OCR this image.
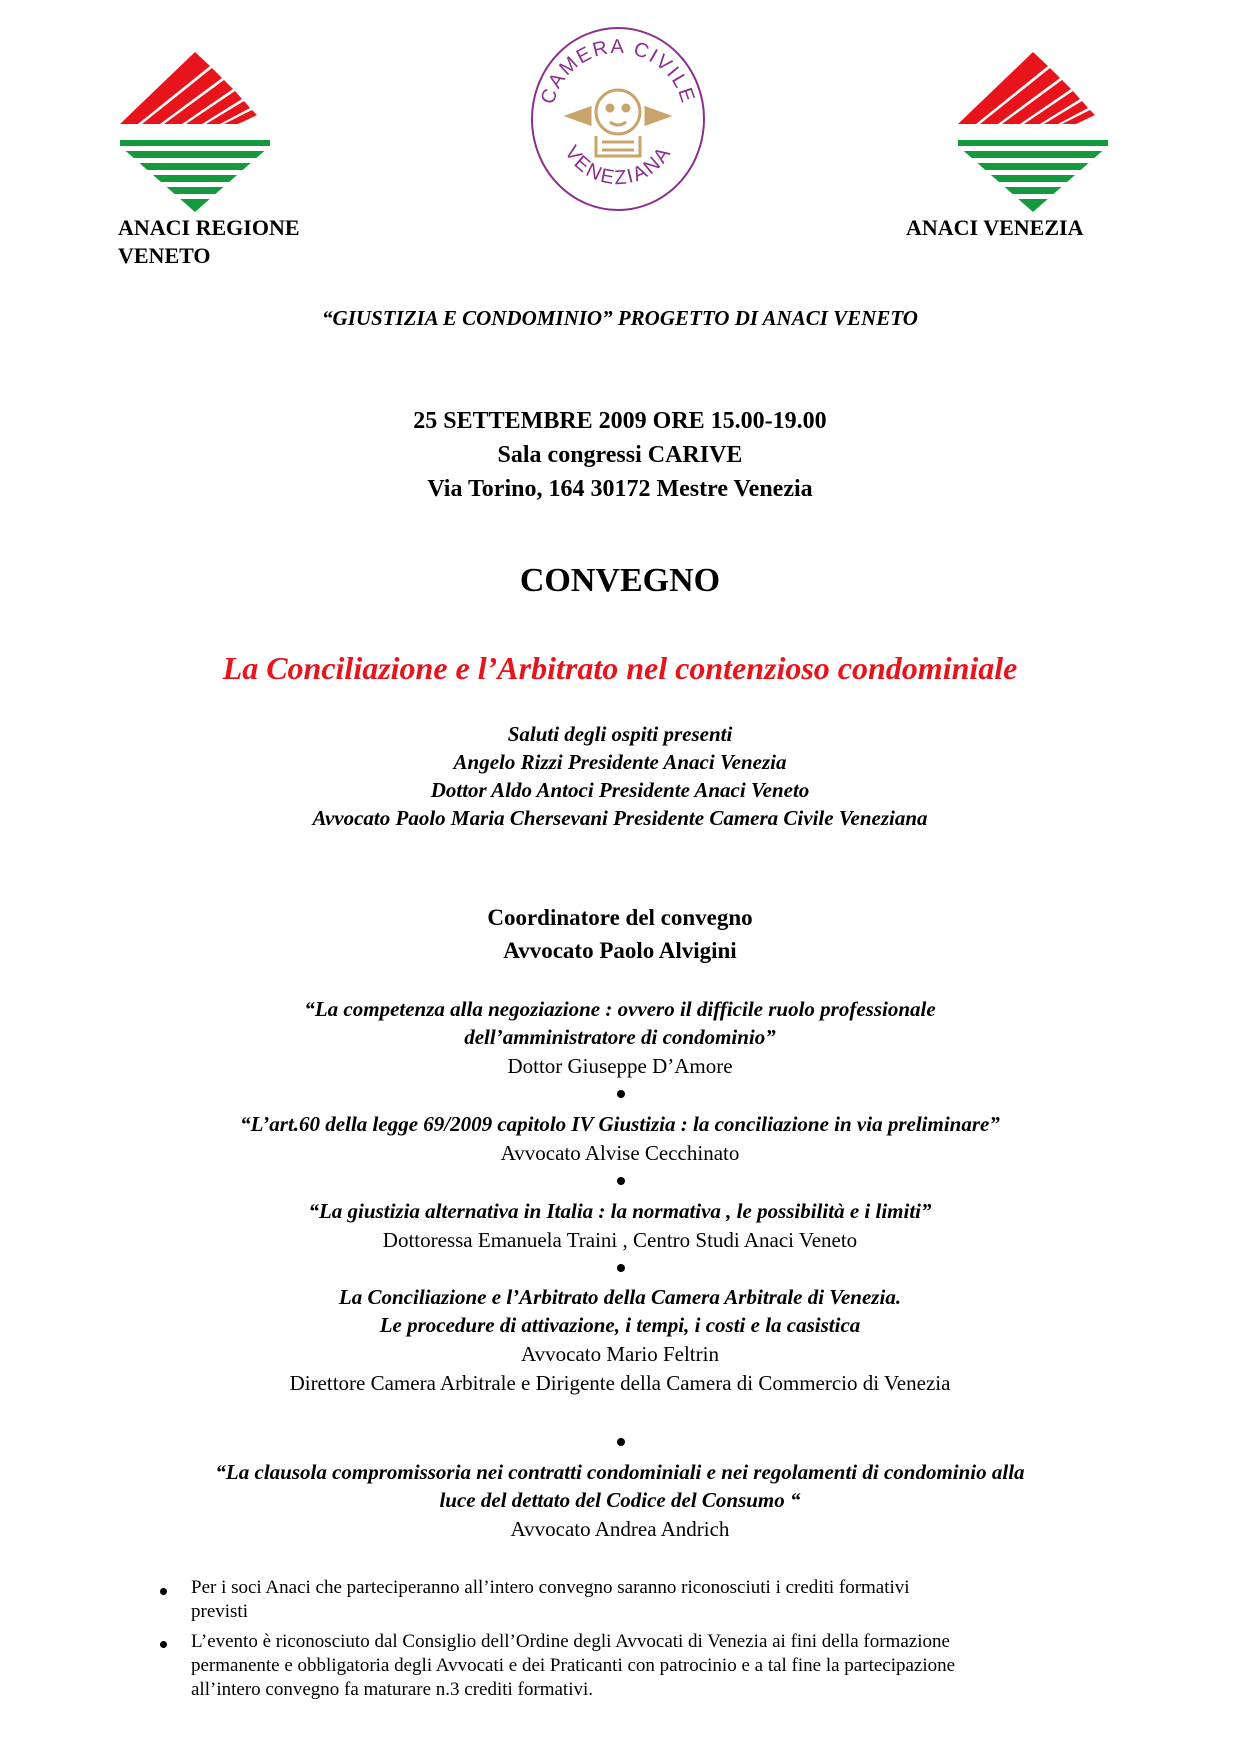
CAMERA CIVILE
VENEZIANA
ANACI REGIONE
VENETO
ANACI VENEZIA
“GIUSTIZIA E CONDOMINIO” PROGETTO DI ANACI VENETO
25 SETTEMBRE 2009 ORE 15.00-19.00
Sala congressi CARIVE
Via Torino, 164 30172 Mestre Venezia
CONVEGNO
La Conciliazione e l’Arbitrato nel contenzioso condominiale
Saluti degli ospiti presenti
Angelo Rizzi Presidente Anaci Venezia
Dottor Aldo Antoci Presidente Anaci Veneto
Avvocato Paolo Maria Chersevani Presidente Camera Civile Veneziana
Coordinatore del convegno
Avvocato Paolo Alvigini
“La competenza alla negoziazione : ovvero il difficile ruolo professionale
dell’amministratore di condominio”
Dottor Giuseppe D’Amore
“L’art.60 della legge 69/2009 capitolo IV Giustizia : la conciliazione in via preliminare”
Avvocato Alvise Cecchinato
“La giustizia alternativa in Italia : la normativa , le possibilità e i limiti”
Dottoressa Emanuela Traini , Centro Studi Anaci Veneto
La Conciliazione e l’Arbitrato della Camera Arbitrale di Venezia.
Le procedure di attivazione, i tempi, i costi e la casistica
Avvocato Mario Feltrin
Direttore Camera Arbitrale e Dirigente della Camera di Commercio di Venezia
“La clausola compromissoria nei contratti condominiali e nei regolamenti di condominio alla
luce del dettato del Codice del Consumo “
Avvocato Andrea Andrich
Per i soci Anaci che parteciperanno all’intero convegno saranno riconosciuti i crediti formativi
previsti
L’evento è riconosciuto dal Consiglio dell’Ordine degli Avvocati di Venezia ai fini della formazione
permanente e obbligatoria degli Avvocati e dei Praticanti con patrocinio e a tal fine la partecipazione
all’intero convegno fa maturare n.3 crediti formativi.
